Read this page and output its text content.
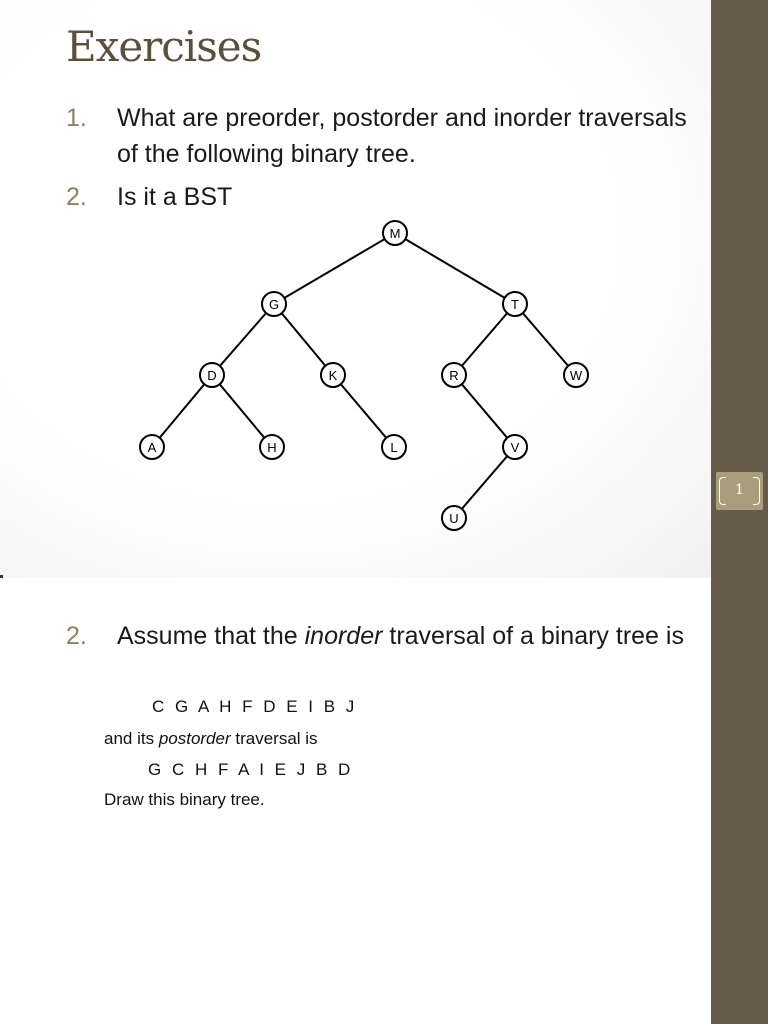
1
Exercises
1. What are preorder, postorder and inorder traversals of the following binary tree.
2. Is it a BST
M
G	T
D	K	R	W
A	H	L	V
U
2. Assume that the inorder traversal of a binary tree is
C G A H F D E I B J
and its postorder traversal is
G C H F A I E J B D
Draw this binary tree.
